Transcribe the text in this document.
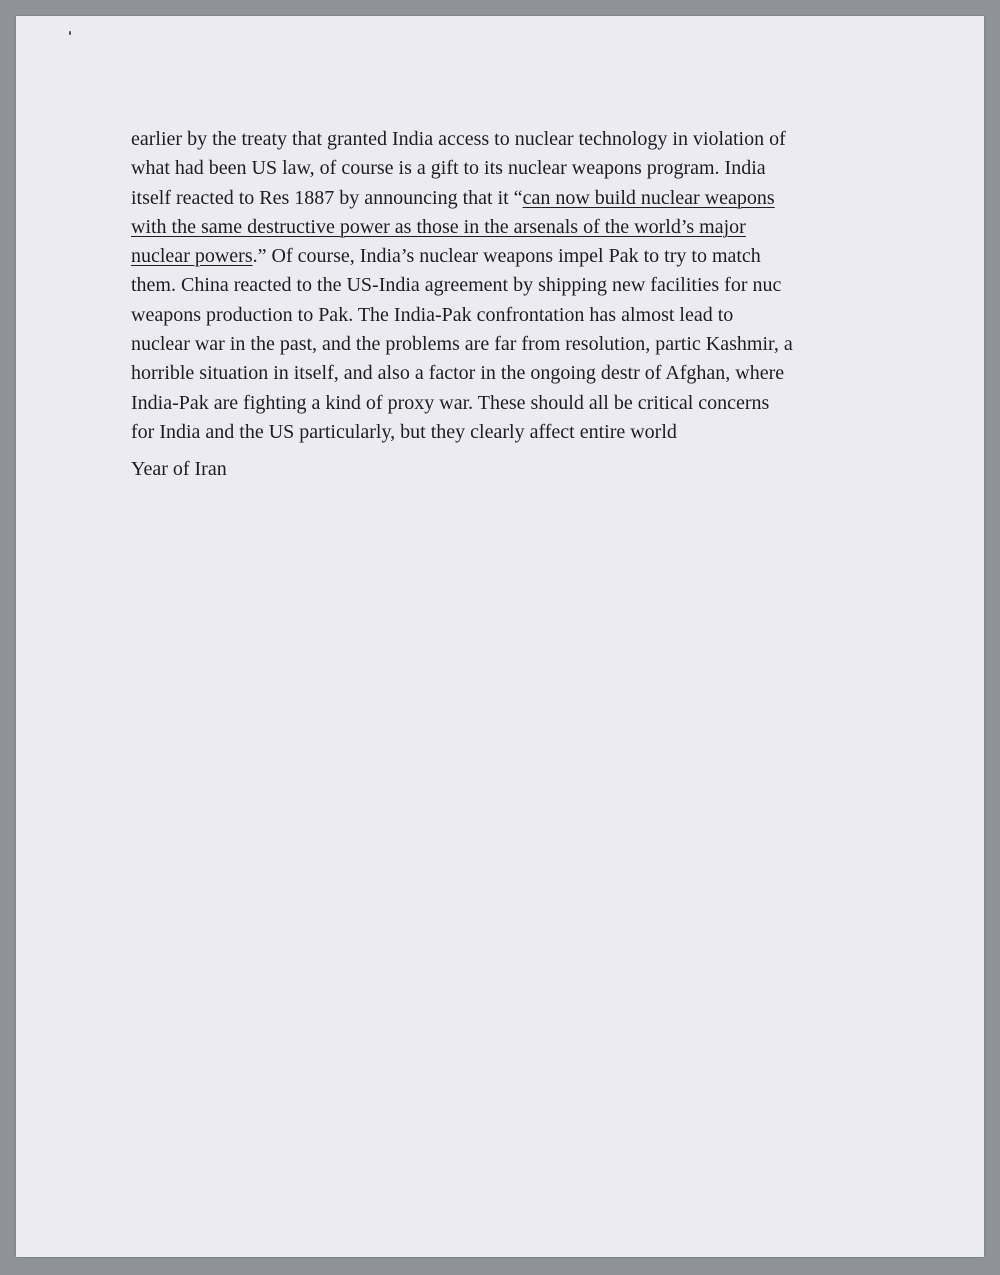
earlier by the treaty that granted India access to nuclear technology in violation of
what had been US law, of course is a gift to its nuclear weapons program. India
itself reacted to Res 1887 by announcing that it “can now build nuclear weapons
with the same destructive power as those in the arsenals of the world’s major
nuclear powers.” Of course, India’s nuclear weapons impel Pak to try to match
them. China reacted to the US-India agreement by shipping new facilities for nuc
weapons production to Pak. The India-Pak confrontation has almost lead to
nuclear war in the past, and the problems are far from resolution, partic Kashmir, a
horrible situation in itself, and also a factor in the ongoing destr of Afghan, where
India-Pak are fighting a kind of proxy war. These should all be critical concerns
for India and the US particularly, but they clearly affect entire world
Year of Iran
